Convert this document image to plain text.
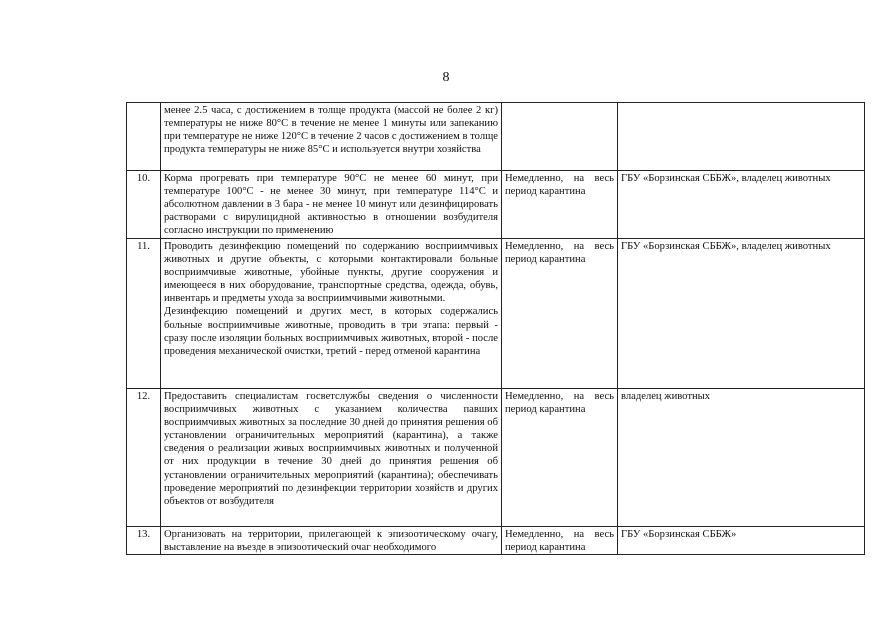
8

	менее 2.5 часа, с достижением в толще продукта (массой не более 2 кг) температуры не ниже 80°С в течение не менее 1 минуты или запеканию при температуре не ниже 120°С в течение 2 часов с достижением в толще продукта температуры не ниже 85°С и используется внутри хозяйства		

10.	Корма прогревать при температуре 90°С не менее 60 минут, при температуре 100°С - не менее 30 минут, при температуре 114°С и абсолютном давлении в 3 бара - не менее 10 минут или дезинфицировать растворами с вирулицидной активностью в отношении возбудителя согласно инструкции по применению	Немедленно, на весь период карантина	ГБУ «Борзинская СББЖ», владелец животных
11.	Проводить дезинфекцию помещений по содержанию восприимчивых животных и другие объекты, с которыми контактировали больные восприимчивые животные, убойные пункты, другие сооружения и имеющееся в них оборудование, транспортные средства, одежда, обувь, инвентарь и предметы ухода за восприимчивыми животными.
Дезинфекцию помещений и других мест, в которых содержались больные восприимчивые животные, проводить в три этапа: первый - сразу после изоляции больных восприимчивых животных, второй - после проведения механической очистки, третий - перед отменой карантина	Немедленно, на весь период карантина	ГБУ «Борзинская СББЖ», владелец животных
12.	Предоставить специалистам госветслужбы сведения о численности восприимчивых животных с указанием количества павших восприимчивых животных за последние 30 дней до принятия решения об установлении ограничительных мероприятий (карантина), а также сведения о реализации живых восприимчивых животных и полученной от них продукции в течение 30 дней до принятия решения об установлении ограничительных мероприятий (карантина); обеспечивать проведение мероприятий по дезинфекции территории хозяйств и других объектов от возбудителя	Немедленно, на весь период карантина	владелец животных
13.	Организовать на территории, прилегающей к эпизоотическому очагу, выставление на въезде в эпизоотический очаг необходимого	Немедленно, на весь период карантина	ГБУ «Борзинская СББЖ»
